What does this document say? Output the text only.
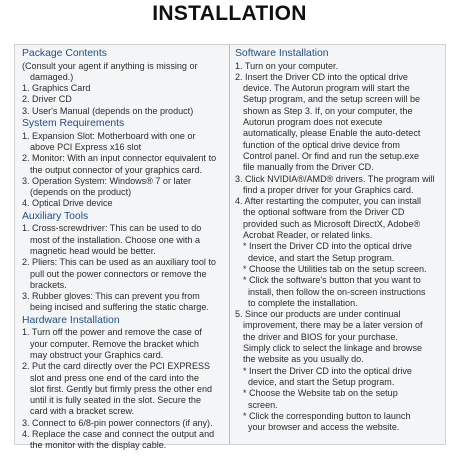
INSTALLATION
Package Contents
(Consult your agent if anything is missing or
damaged.)
1. Graphics Card
2. Driver CD
3. User's Manual (depends on the product)
System Requirements
1. Expansion Slot: Motherboard with one or
above PCI Express x16 slot
2. Monitor: With an input connector equivalent to
the output connector of your graphics card.
3. Operation System: Windows® 7 or later
(depends on the product)
4. Optical Drive device
Auxiliary Tools
1. Cross-screwdriver: This can be used to do
most of the installation. Choose one with a
magnetic head would be better.
2. Pliers: This can be used as an auxiliary tool to
pull out the power connectors or remove the
brackets.
3. Rubber gloves: This can prevent you from
being incised and suffering the static charge.
Hardware Installation
1. Turn off the power and remove the case of
your computer. Remove the bracket which
may obstruct your Graphics card.
2. Put the card directly over the PCI EXPRESS
slot and press one end of the card into the
slot first. Gently but firmly press the other end
until it is fully seated in the slot. Secure the
card with a bracket screw.
3. Connect to 6/8-pin power connectors (if any).
4. Replace the case and connect the output and
the monitor with the display cable.
Software Installation
1. Turn on your computer.
2. Insert the Driver CD into the optical drive
device. The Autorun program will start the
Setup program, and the setup screen will be
shown as Step 3. If, on your computer, the
Autorun program does not execute
automatically, please Enable the auto-detect
function of the optical drive device from
Control panel. Or find and run the setup.exe
file manually from the Driver CD.
3. Click NVIDIA®/AMD® drivers. The program will
find a proper driver for your Graphics card.
4. After restarting the computer, you can install
the optional software from the Driver CD
provided such as Microsoft DirectX, Adobe®
Acrobat Reader, or related links.
* Insert the Driver CD into the optical drive
device, and start the Setup program.
* Choose the Utilities tab on the setup screen.
* Click the software's button that you want to
install, then follow the on-screen instructions
to complete the installation.
5. Since our products are under continual
improvement, there may be a later version of
the driver and BIOS for your purchase.
Simply click to select the linkage and browse
the website as you usually do.
* Insert the Driver CD into the optical drive
device, and start the Setup program.
* Choose the Website tab on the setup
screen.
* Click the corresponding button to launch
your browser and access the website.
